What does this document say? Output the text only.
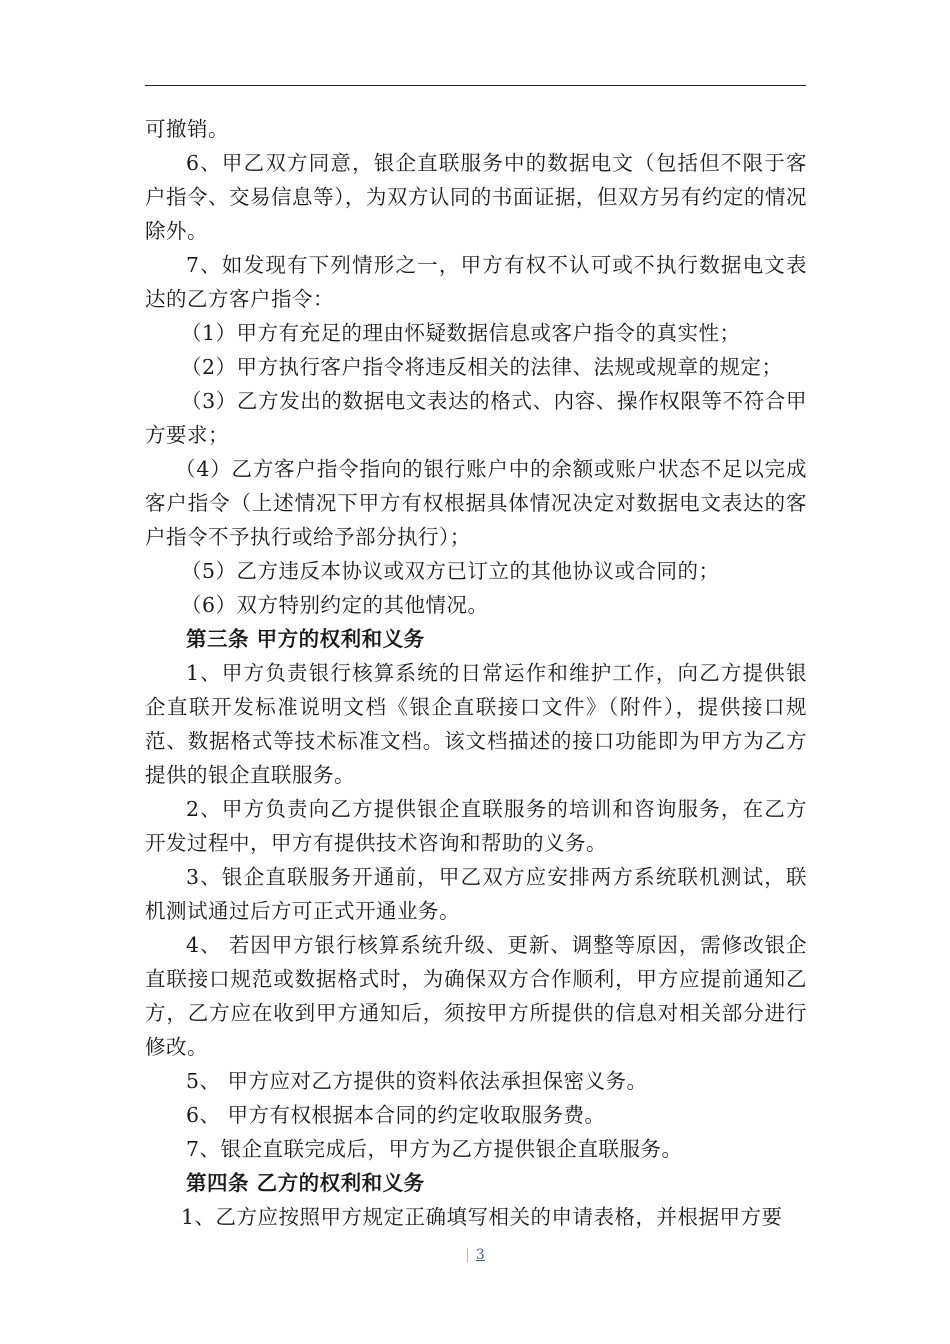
可撤销。

6、甲乙双方同意，银企直联服务中的数据电文（包括但不限于客户指令、交易信息等），为双方认同的书面证据，但双方另有约定的情况除外。

7、如发现有下列情形之一，甲方有权不认可或不执行数据电文表达的乙方客户指令：

（1）甲方有充足的理由怀疑数据信息或客户指令的真实性；

（2）甲方执行客户指令将违反相关的法律、法规或规章的规定；

（3）乙方发出的数据电文表达的格式、内容、操作权限等不符合甲方要求；

（4）乙方客户指令指向的银行账户中的余额或账户状态不足以完成客户指令（上述情况下甲方有权根据具体情况决定对数据电文表达的客户指令不予执行或给予部分执行）；

（5）乙方违反本协议或双方已订立的其他协议或合同的；

（6）双方特别约定的其他情况。

第三条 甲方的权利和义务

1、甲方负责银行核算系统的日常运作和维护工作，向乙方提供银企直联开发标准说明文档《银企直联接口文件》（附件），提供接口规范、数据格式等技术标准文档。该文档描述的接口功能即为甲方为乙方提供的银企直联服务。

2、甲方负责向乙方提供银企直联服务的培训和咨询服务，在乙方开发过程中，甲方有提供技术咨询和帮助的义务。

3、银企直联服务开通前，甲乙双方应安排两方系统联机测试，联机测试通过后方可正式开通业务。

4、 若因甲方银行核算系统升级、更新、调整等原因，需修改银企直联接口规范或数据格式时，为确保双方合作顺利，甲方应提前通知乙方，乙方应在收到甲方通知后，须按甲方所提供的信息对相关部分进行修改。

5、 甲方应对乙方提供的资料依法承担保密义务。

6、 甲方有权根据本合同的约定收取服务费。

7、银企直联完成后，甲方为乙方提供银企直联服务。

第四条 乙方的权利和义务

1、乙方应按照甲方规定正确填写相关的申请表格，并根据甲方要

| 3
